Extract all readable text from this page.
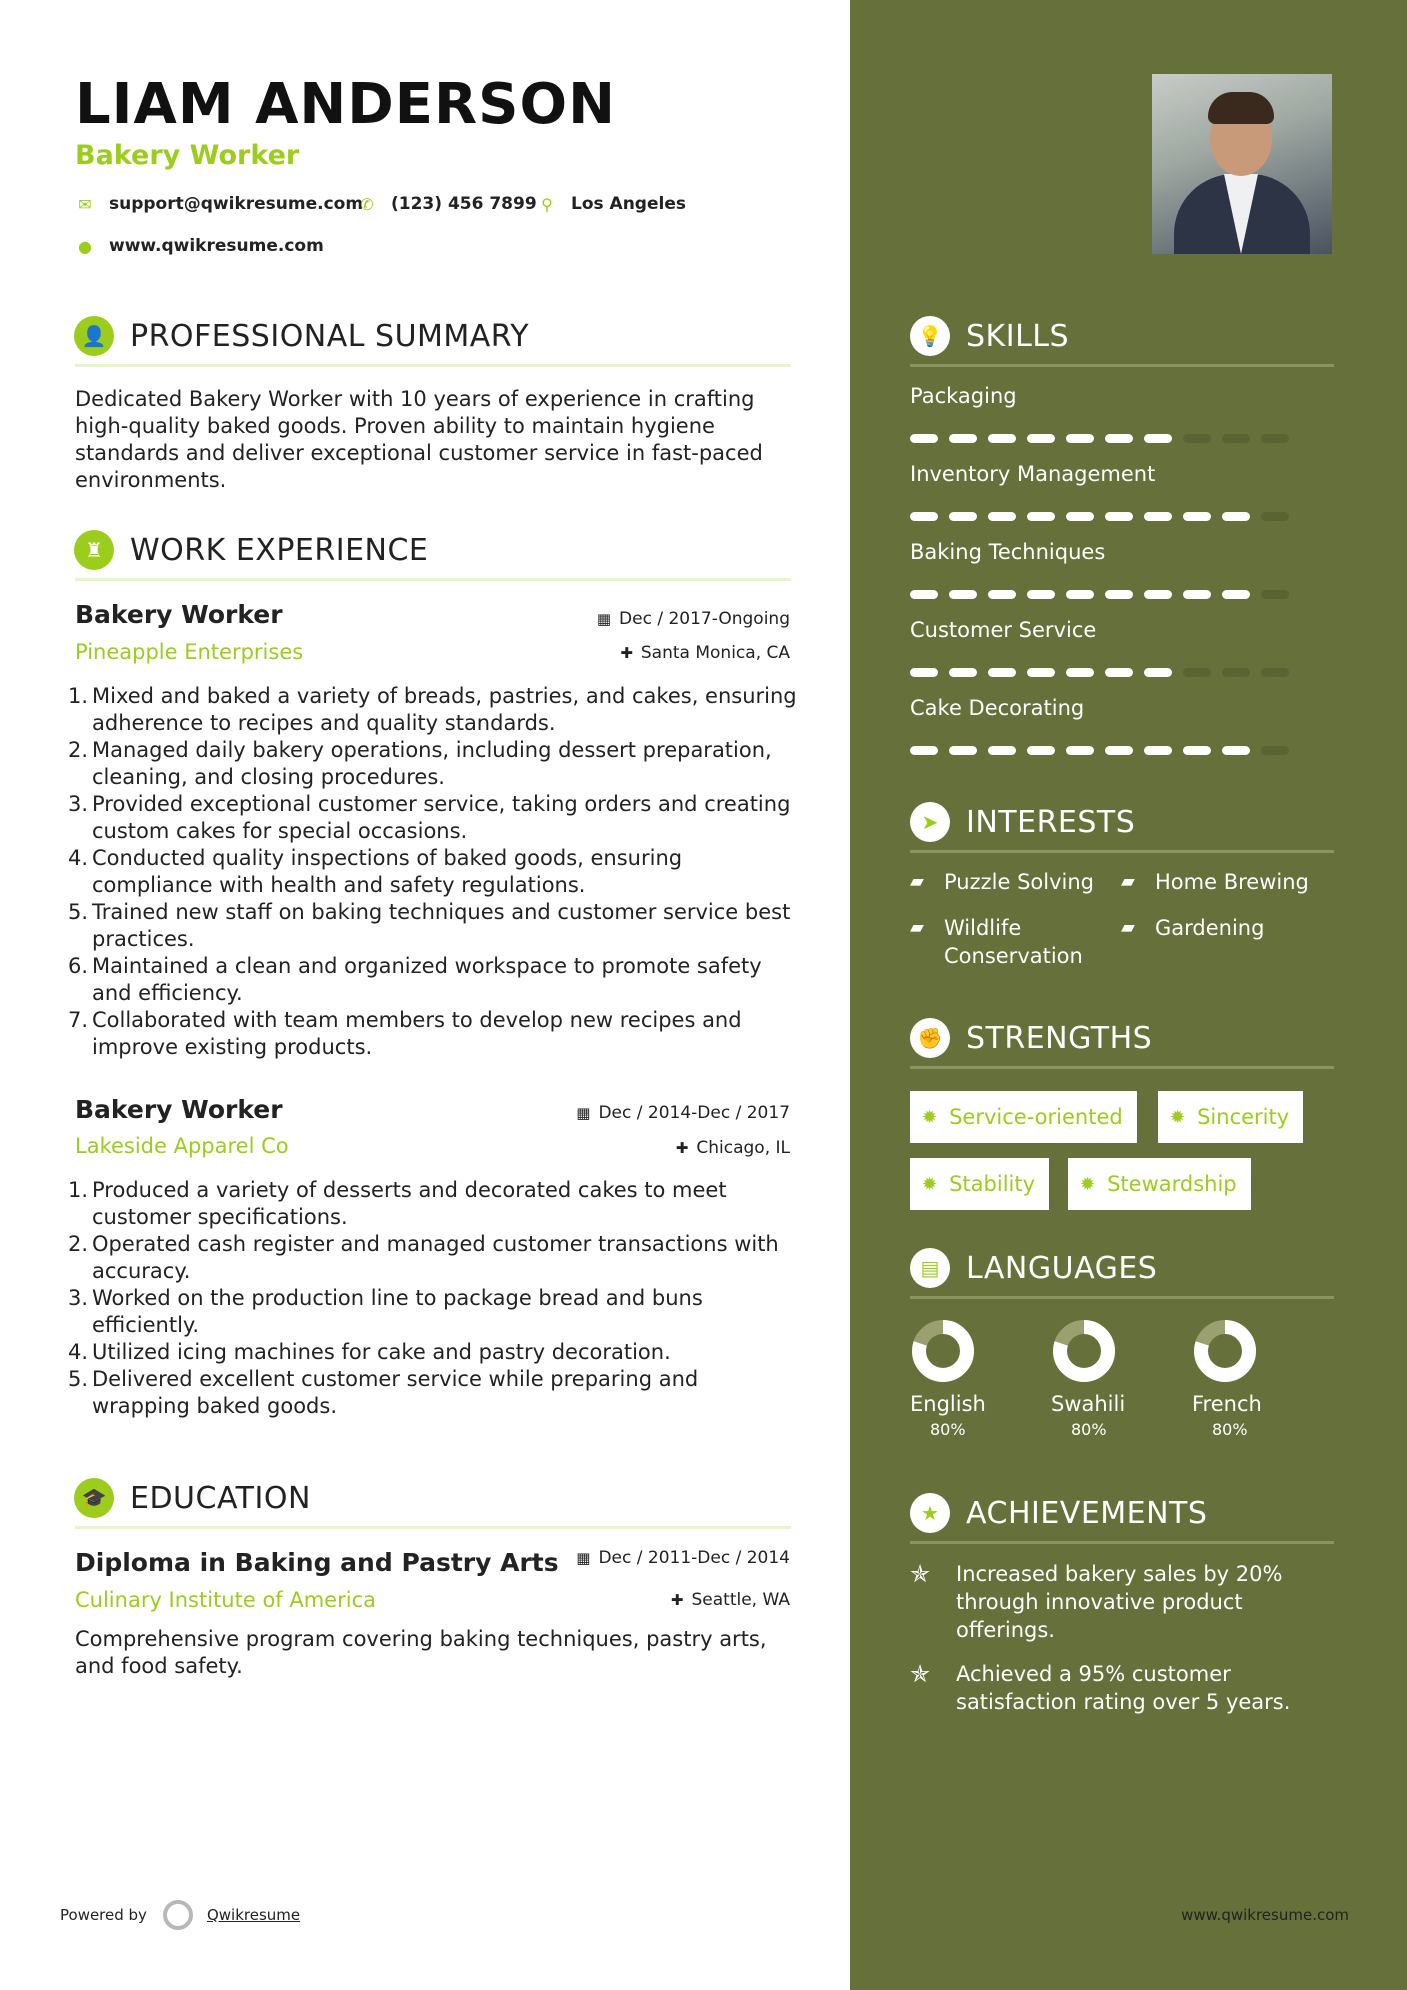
LIAM ANDERSON
Bakery Worker
✉ support@qwikresume.com
✆ (123) 456 7899 ⚲ Los Angeles
● www.qwikresume.com
👤 PROFESSIONAL SUMMARY
Dedicated Bakery Worker with 10 years of experience in crafting high-quality baked goods. Proven ability to maintain hygiene standards and deliver exceptional customer service in fast-paced environments.
♜ WORK EXPERIENCE
Bakery Worker	▦ Dec / 2017-Ongoing
Pineapple Enterprises	✚ Santa Monica, CA
1. Mixed and baked a variety of breads, pastries, and cakes, ensuring adherence to recipes and quality standards.
2. Managed daily bakery operations, including dessert preparation, cleaning, and closing procedures.
3. Provided exceptional customer service, taking orders and creating custom cakes for special occasions.
4. Conducted quality inspections of baked goods, ensuring compliance with health and safety regulations.
5. Trained new staff on baking techniques and customer service best practices.
6. Maintained a clean and organized workspace to promote safety and efficiency.
7. Collaborated with team members to develop new recipes and improve existing products.
Bakery Worker	▦ Dec / 2014-Dec / 2017
Lakeside Apparel Co	✚ Chicago, IL
1. Produced a variety of desserts and decorated cakes to meet customer specifications.
2. Operated cash register and managed customer transactions with accuracy.
3. Worked on the production line to package bread and buns efficiently.
4. Utilized icing machines for cake and pastry decoration.
5. Delivered excellent customer service while preparing and wrapping baked goods.
🎓 EDUCATION
Diploma in Baking and Pastry Arts ▦ Dec / 2011-Dec / 2014
Culinary Institute of America	✚ Seattle, WA
Comprehensive program covering baking techniques, pastry arts, and food safety.
Powered by	Qwikresume
💡 SKILLS
Packaging
Inventory Management
Baking Techniques
Customer Service
Cake Decorating
➤ INTERESTS
▰ Puzzle Solving ▰ Home Brewing
▰ Wildlife Conservation
▰ Gardening
✊ STRENGTHS
✹ Service-oriented	✹ Sincerity
✹ Stability ✹ Stewardship
▤ LANGUAGES
English
80%
Swahili
80%
French
80%
★ ACHIEVEMENTS
✯	Increased bakery sales by 20% through innovative product offerings.
✯	Achieved a 95% customer satisfaction rating over 5 years.
www.qwikresume.com
